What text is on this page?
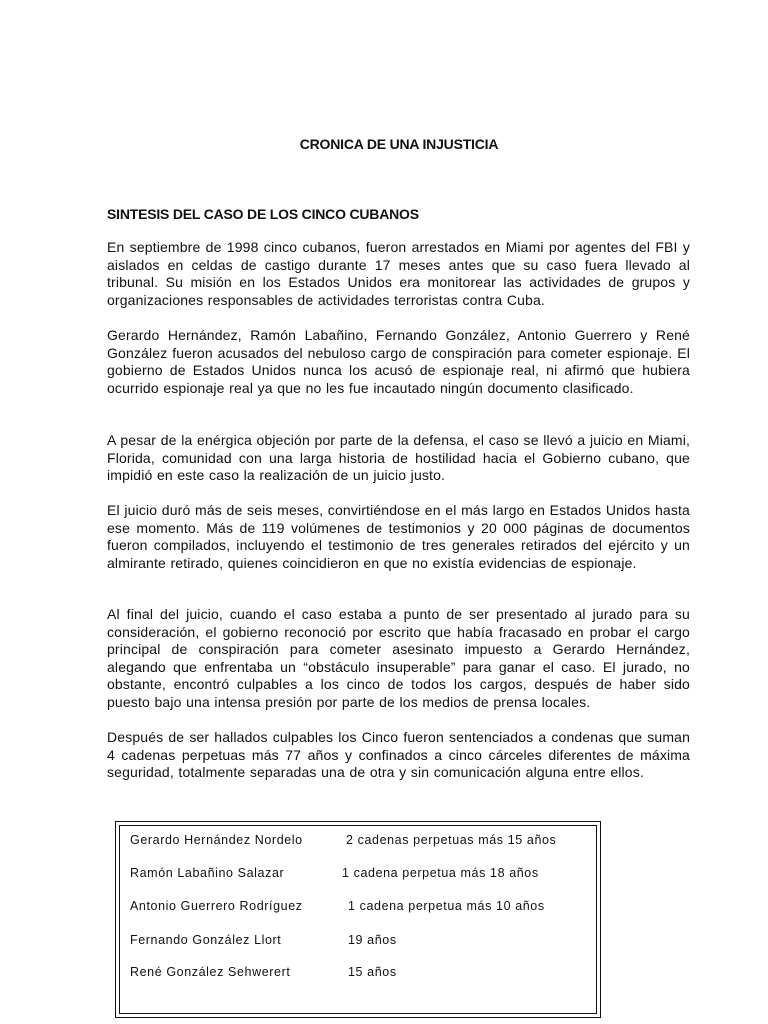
CRONICA DE UNA INJUSTICIA
SINTESIS DEL CASO DE LOS CINCO CUBANOS

En septiembre de 1998 cinco cubanos, fueron arrestados en Miami por agentes del FBI y aislados en celdas de castigo durante 17 meses antes que su caso fuera llevado al tribunal. Su misión en los Estados Unidos era monitorear las actividades de grupos y organizaciones responsables de actividades terroristas contra Cuba.

Gerardo Hernández, Ramón Labañino, Fernando González, Antonio Guerrero y René González fueron acusados del nebuloso cargo de conspiración para cometer espionaje. El gobierno de Estados Unidos nunca los acusó de espionaje real, ni afirmó que hubiera ocurrido espionaje real ya que no les fue incautado ningún documento clasificado.

A pesar de la enérgica objeción por parte de la defensa, el caso se llevó a juicio en Miami, Florida, comunidad con una larga historia de hostilidad hacia el Gobierno cubano, que impidió en este caso la realización de un juicio justo.

El juicio duró más de seis meses, convirtiéndose en el más largo en Estados Unidos hasta ese momento. Más de 119 volúmenes de testimonios y 20 000 páginas de documentos fueron compilados, incluyendo el testimonio de tres generales retirados del ejército y un almirante retirado, quienes coincidieron en que no existía evidencias de espionaje.

Al final del juicio, cuando el caso estaba a punto de ser presentado al jurado para su consideración, el gobierno reconoció por escrito que había fracasado en probar el cargo principal de conspiración para cometer asesinato impuesto a Gerardo Hernández, alegando que enfrentaba un “obstáculo insuperable” para ganar el caso. El jurado, no obstante, encontró culpables a los cinco de todos los cargos, después de haber sido puesto bajo una intensa presión por parte de los medios de prensa locales.

Después de ser hallados culpables los Cinco fueron sentenciados a condenas que suman 4 cadenas perpetuas más 77 años y confinados a cinco cárceles diferentes de máxima seguridad, totalmente separadas una de otra y sin comunicación alguna entre ellos.

Gerardo Hernández Nordelo	2 cadenas perpetuas más 15 años
Ramón Labañino Salazar	1 cadena perpetua más 18 años
Antonio Guerrero Rodríguez	1 cadena perpetua más 10 años
Fernando González Llort	19 años
René González Sehwerert	15 años
